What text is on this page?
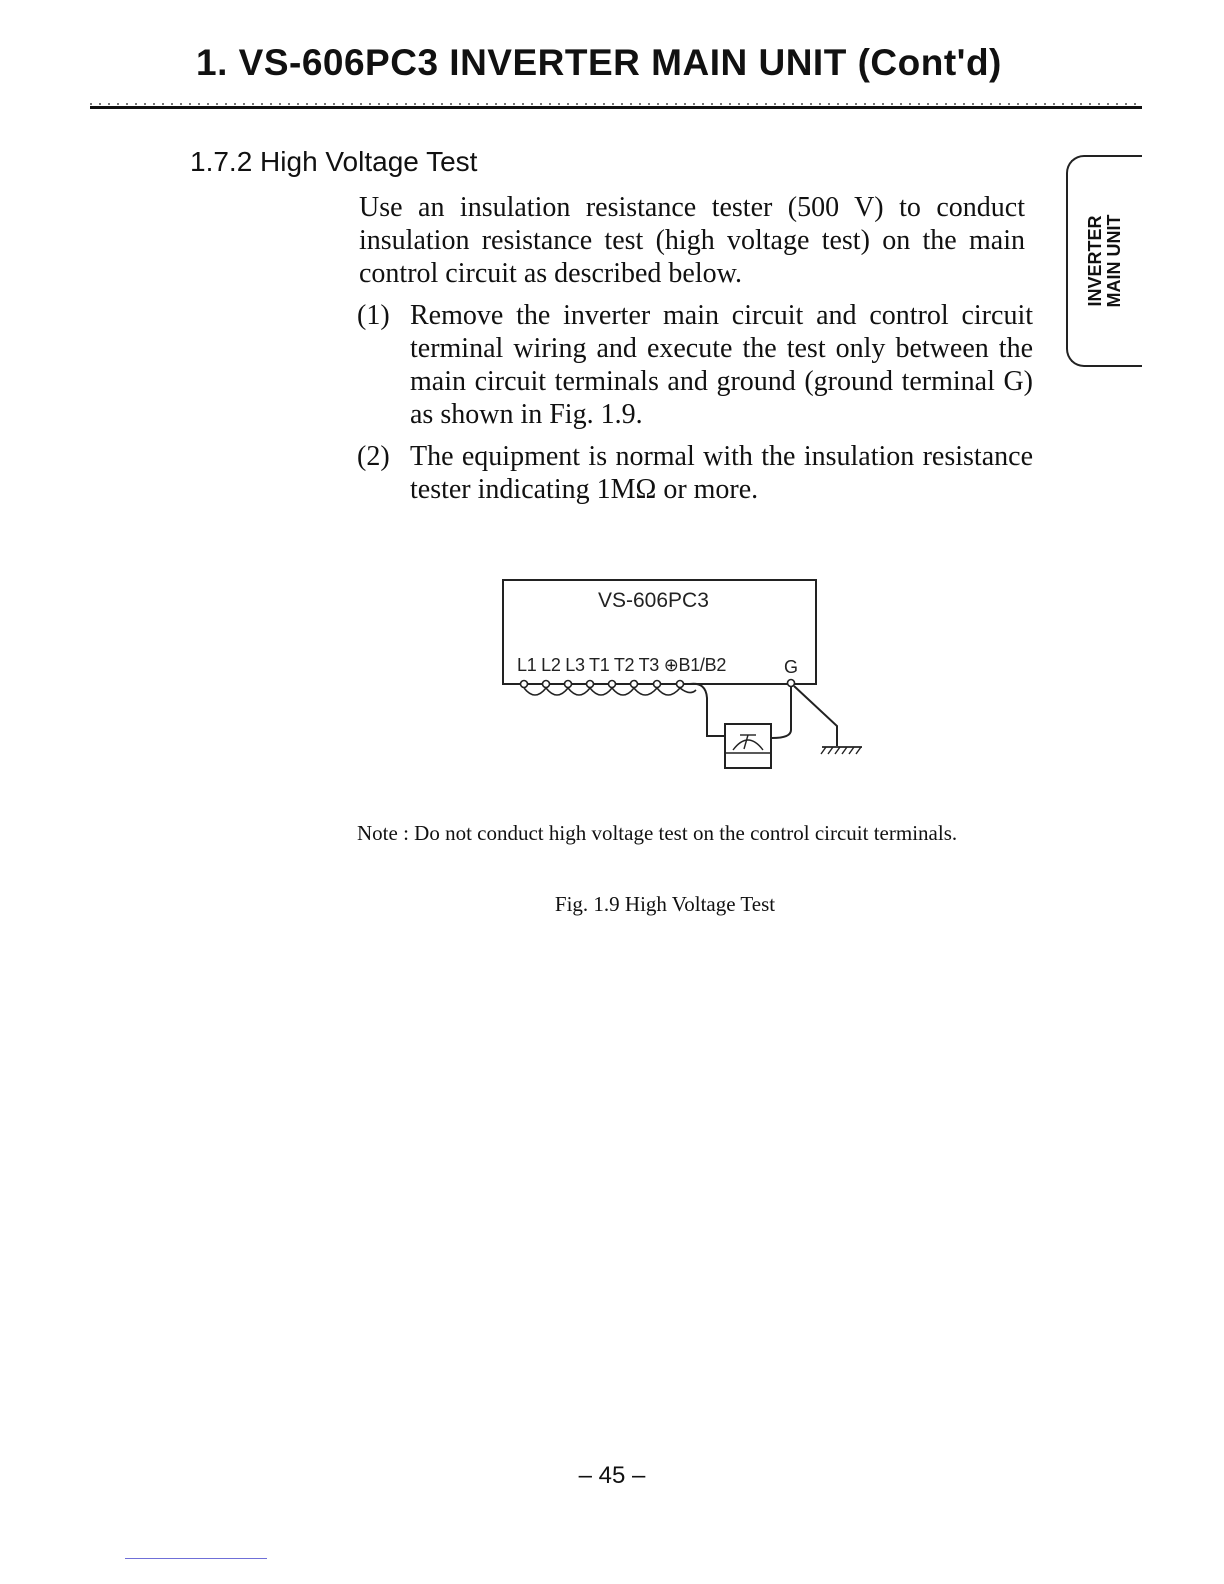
1. VS-606PC3 INVERTER MAIN UNIT (Cont'd)
1.7.2 High Voltage Test
INVERTER MAIN UNIT

Use an insulation resistance tester (500 V) to conduct insulation resistance test (high voltage test) on the main control circuit as described below.

(1) Remove the inverter main circuit and control circuit terminal wiring and execute the test only between the main circuit terminals and ground (ground terminal G) as shown in Fig. 1.9.
(2) The equipment is normal with the insulation resistance tester indicating 1MΩ or more.
VS-606PC3
L1 L2 L3 T1 T2 T3 ⊕B1/B2	G

Note : Do not conduct high voltage test on the control circuit terminals.

Fig. 1.9 High Voltage Test

– 45 –
